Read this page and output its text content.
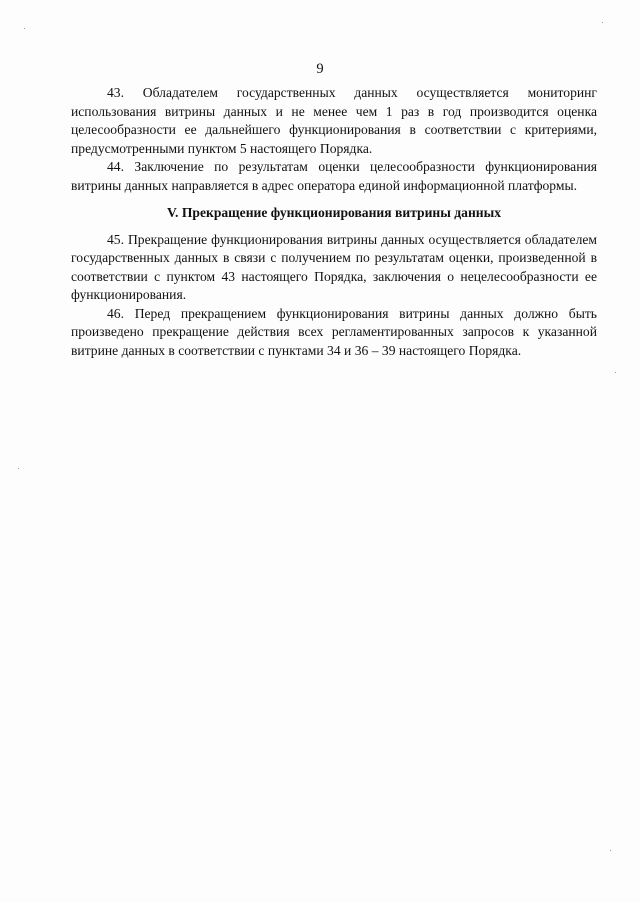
9

43. Обладателем государственных данных осуществляется мониторинг использования витрины данных и не менее чем 1 раз в год производится оценка целесообразности ее дальнейшего функционирования в соответствии с критериями, предусмотренными пунктом 5 настоящего Порядка.

44. Заключение по результатам оценки целесообразности функционирования витрины данных направляется в адрес оператора единой информационной платформы.

V. Прекращение функционирования витрины данных

45. Прекращение функционирования витрины данных осуществляется обладателем государственных данных в связи с получением по результатам оценки, произведенной в соответствии с пунктом 43 настоящего Порядка, заключения о нецелесообразности ее функционирования.

46. Перед прекращением функционирования витрины данных должно быть произведено прекращение действия всех регламентированных запросов к указанной витрине данных в соответствии с пунктами 34 и 36 – 39 настоящего Порядка.
